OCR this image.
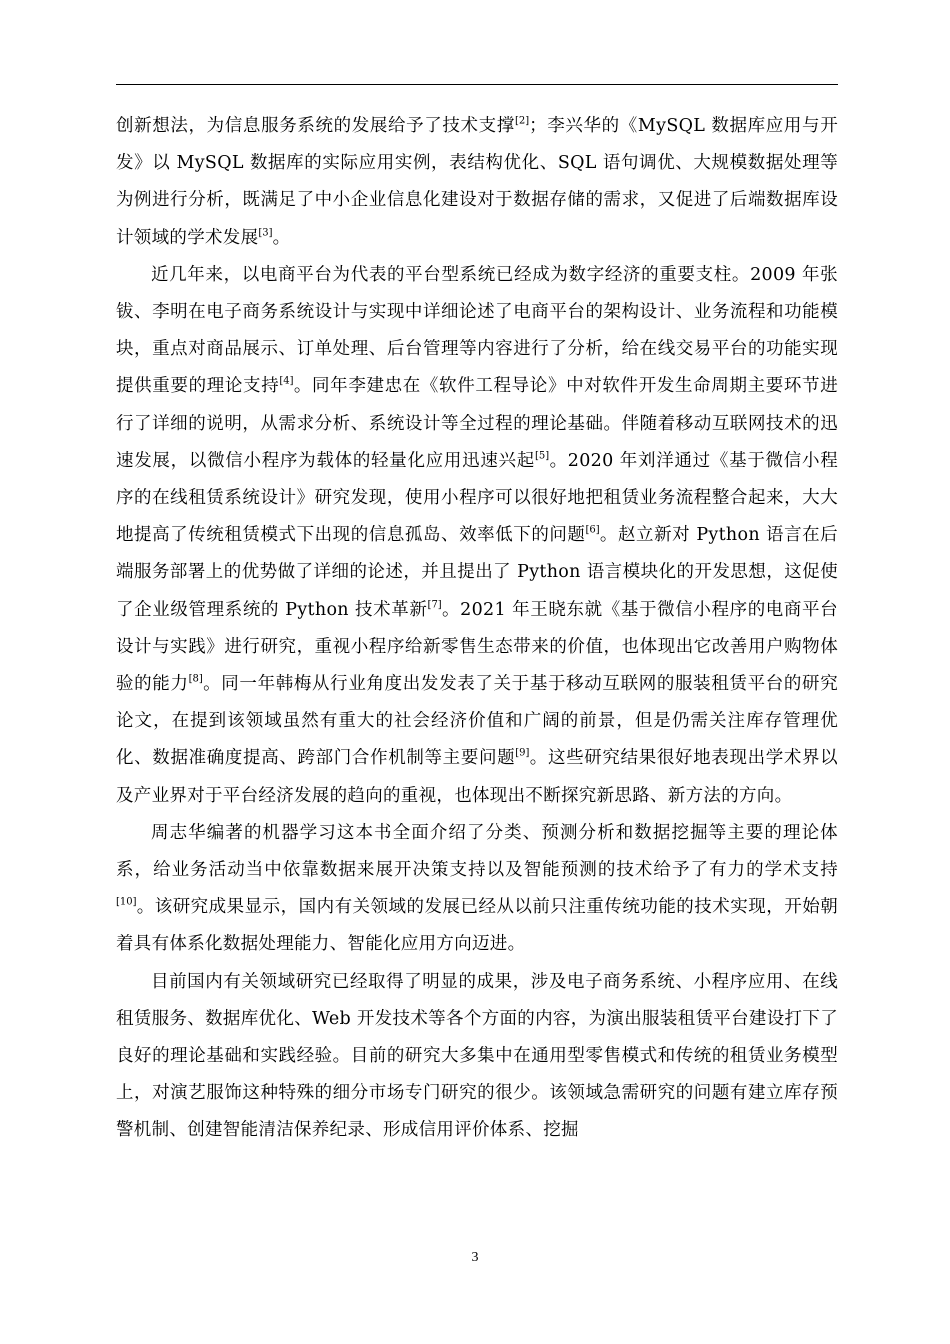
创新想法，为信息服务系统的发展给予了技术支撑[2]；李兴华的《MySQL 数据库应用与开发》以 MySQL 数据库的实际应用实例，表结构优化、SQL 语句调优、大规模数据处理等为例进行分析，既满足了中小企业信息化建设对于数据存储的需求，又促进了后端数据库设计领域的学术发展[3]。

近几年来，以电商平台为代表的平台型系统已经成为数字经济的重要支柱。2009 年张钹、李明在电子商务系统设计与实现中详细论述了电商平台的架构设计、业务流程和功能模块，重点对商品展示、订单处理、后台管理等内容进行了分析，给在线交易平台的功能实现提供重要的理论支持[4]。同年李建忠在《软件工程导论》中对软件开发生命周期主要环节进行了详细的说明，从需求分析、系统设计等全过程的理论基础。伴随着移动互联网技术的迅速发展，以微信小程序为载体的轻量化应用迅速兴起[5]。2020 年刘洋通过《基于微信小程序的在线租赁系统设计》研究发现，使用小程序可以很好地把租赁业务流程整合起来，大大地提高了传统租赁模式下出现的信息孤岛、效率低下的问题[6]。赵立新对 Python 语言在后端服务部署上的优势做了详细的论述，并且提出了 Python 语言模块化的开发思想，这促使了企业级管理系统的 Python 技术革新[7]。2021 年王晓东就《基于微信小程序的电商平台设计与实践》进行研究，重视小程序给新零售生态带来的价值，也体现出它改善用户购物体验的能力[8]。同一年韩梅从行业角度出发发表了关于基于移动互联网的服装租赁平台的研究论文，在提到该领域虽然有重大的社会经济价值和广阔的前景，但是仍需关注库存管理优化、数据准确度提高、跨部门合作机制等主要问题[9]。这些研究结果很好地表现出学术界以及产业界对于平台经济发展的趋向的重视，也体现出不断探究新思路、新方法的方向。

周志华编著的机器学习这本书全面介绍了分类、预测分析和数据挖掘等主要的理论体系，给业务活动当中依靠数据来展开决策支持以及智能预测的技术给予了有力的学术支持[10]。该研究成果显示，国内有关领域的发展已经从以前只注重传统功能的技术实现，开始朝着具有体系化数据处理能力、智能化应用方向迈进。

目前国内有关领域研究已经取得了明显的成果，涉及电子商务系统、小程序应用、在线租赁服务、数据库优化、Web 开发技术等各个方面的内容，为演出服装租赁平台建设打下了良好的理论基础和实践经验。目前的研究大多集中在通用型零售模式和传统的租赁业务模型上，对演艺服饰这种特殊的细分市场专门研究的很少。该领域急需研究的问题有建立库存预警机制、创建智能清洁保养纪录、形成信用评价体系、挖掘

3
